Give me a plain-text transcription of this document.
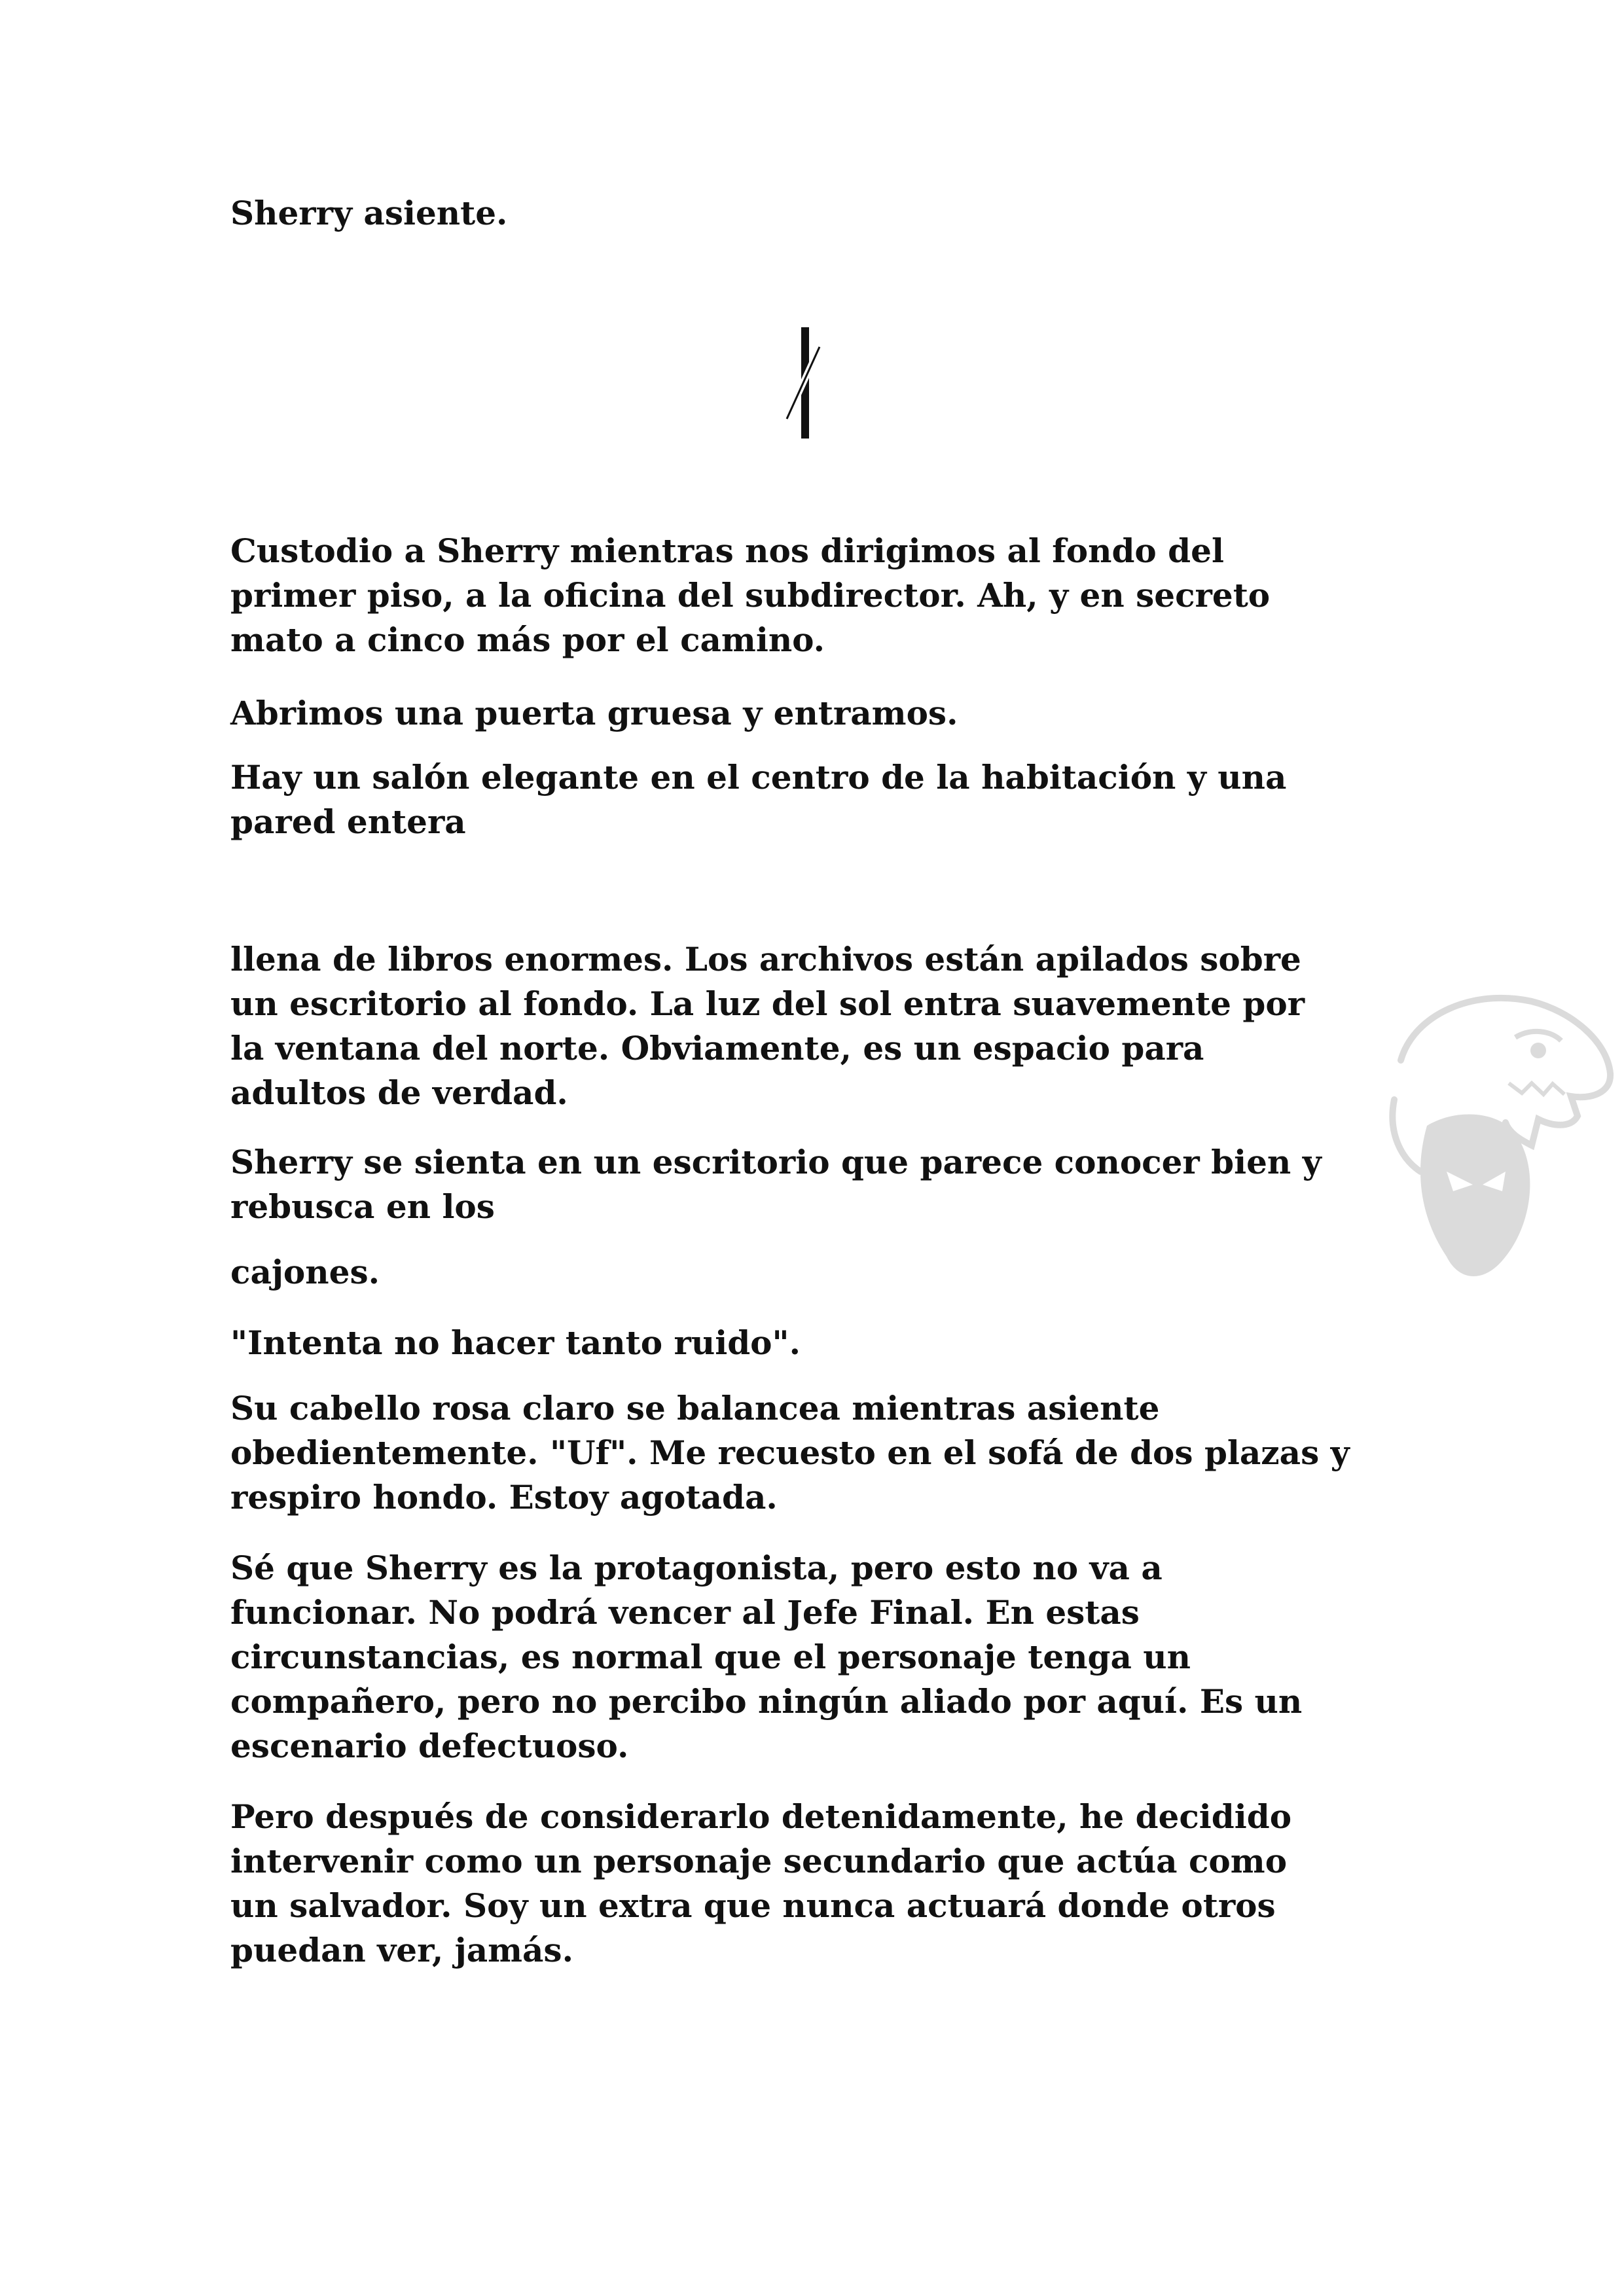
Sherry asiente.

Custodio a Sherry mientras nos dirigimos al fondo del
primer piso, a la oficina del subdirector. Ah, y en secreto
mato a cinco más por el camino.

Abrimos una puerta gruesa y entramos.

Hay un salón elegante en el centro de la habitación y una
pared entera

llena de libros enormes. Los archivos están apilados sobre
un escritorio al fondo. La luz del sol entra suavemente por
la ventana del norte. Obviamente, es un espacio para
adultos de verdad.

Sherry se sienta en un escritorio que parece conocer bien y
rebusca en los

cajones.

"Intenta no hacer tanto ruido".

Su cabello rosa claro se balancea mientras asiente
obedientemente. "Uf". Me recuesto en el sofá de dos plazas y
respiro hondo. Estoy agotada.

Sé que Sherry es la protagonista, pero esto no va a
funcionar. No podrá vencer al Jefe Final. En estas
circunstancias, es normal que el personaje tenga un
compañero, pero no percibo ningún aliado por aquí. Es un
escenario defectuoso.

Pero después de considerarlo detenidamente, he decidido
intervenir como un personaje secundario que actúa como
un salvador. Soy un extra que nunca actuará donde otros
puedan ver, jamás.
